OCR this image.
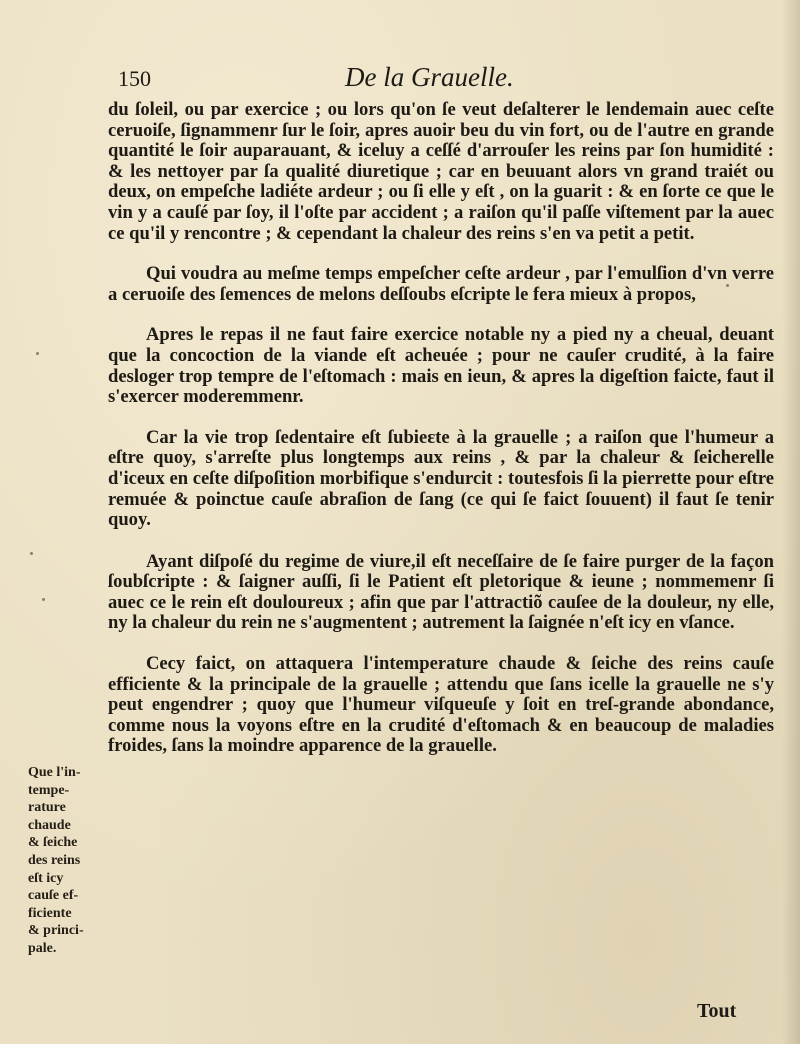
150	De la Grauelle.

du ſoleil, ou par exercice ; ou lors qu'on ſe veut deſalterer le lendemain auec ceſte ceruoiſe, ſignammenr ſur le ſoir, apres auoir beu du vin fort, ou de l'autre en grande quantité le ſoir auparauant, & iceluy a ceſſé d'arrouſer les reins par ſon humidité : & les nettoyer par ſa qualité diuretique ; car en beuuant alors vn grand traiét ou deux, on empeſche ladiéte ardeur ; ou ſi elle y eſt , on la guarit : & en ſorte ce que le vin y a cauſé par ſoy, il l'oſte par accident ; a raiſon qu'il paſſe viſtement par la auec ce qu'il y rencontre ; & cependant la chaleur des reins s'en va petit a petit.

Qui voudra au meſme temps empeſcher ceſte ardeur , par l'emulſion d'vn verre a ceruoiſe des ſemences de melons deſſoubs eſcripte le fera mieux à propos,

Apres le repas il ne faut faire exercice notable ny a pied ny a cheual, deuant que la concoction de la viande eſt acheuée ; pour ne cauſer crudité, à la faire desloger trop tempre de l'eſtomach : mais en ieun, & apres la digeſtion faicte, faut il s'exercer moderemmenr.

Car la vie trop ſedentaire eſt ſubieɛte à la grauelle ; a raiſon que l'humeur a eſtre quoy, s'arreſte plus longtemps aux reins , & par la chaleur & ſeicherelle d'iceux en ceſte diſpoſition morbifique s'endurcit : toutesfois ſi la pierrette pour eſtre remuée & poinctue cauſe abraſion de ſang (ce qui ſe faict ſouuent) il faut ſe tenir quoy.

Ayant diſpoſé du regime de viure,il eſt neceſſaire de ſe faire purger de la façon ſoubſcripte : & ſaigner auſſi, ſi le Patient eſt pletorique & ieune ; nommemenr ſi auec ce le rein eſt douloureux ; afin que par l'attractiõ cauſee de la douleur, ny elle, ny la chaleur du rein ne s'augmentent ; autrement la ſaignée n'eſt icy en vſance.

Cecy faict, on attaquera l'intemperature chaude & ſeiche des reins cauſe efficiente & la principale de la grauelle ; attendu que ſans icelle la grauelle ne s'y peut engendrer ; quoy que l'humeur viſqueuſe y ſoit en treſ-grande abondance, comme nous la voyons eſtre en la crudité d'eſtomach & en beaucoup de maladies froides, ſans la moindre apparence de la grauelle.

Que l'in-
tempe-
rature
chaude
& ſeiche
des reins
eſt icy
cauſe ef-
ficiente
& princi-
pale.
Tout
